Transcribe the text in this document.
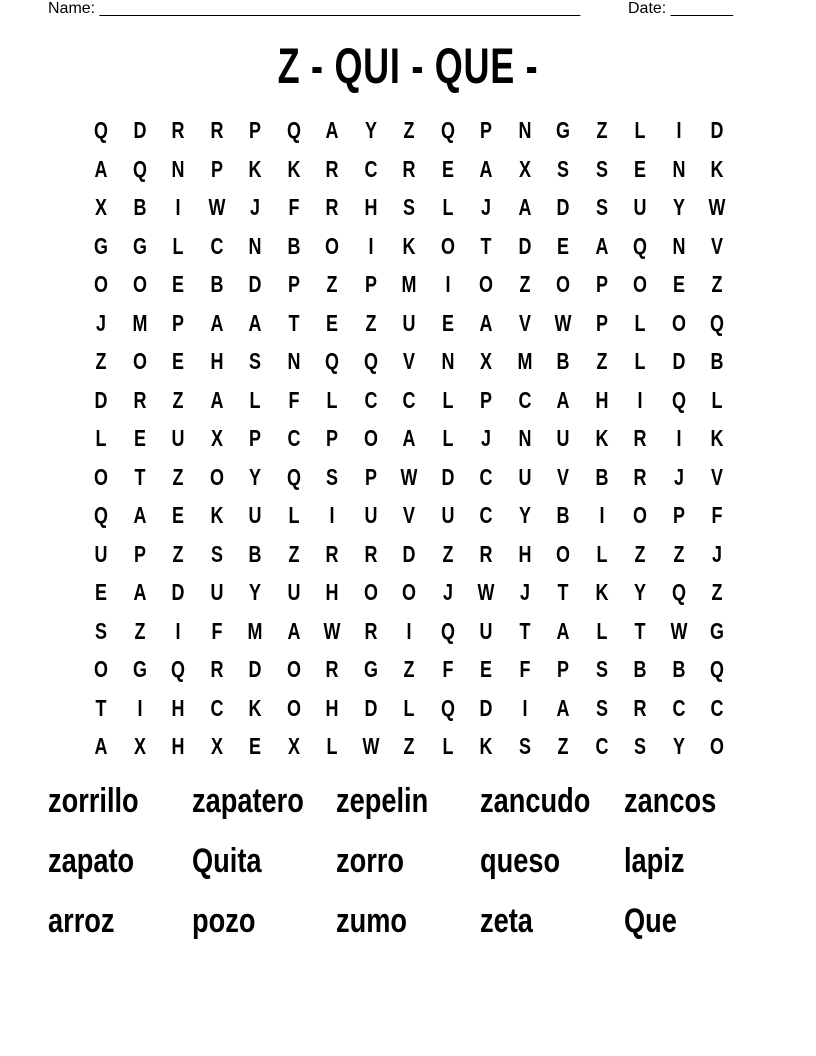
Name: ______________________________________________________	Date: _______
Z - QUI - QUE -
Q	D	R	R	P	Q	A	Y	Z	Q	P	N	G	Z	L	I	D
A	Q	N	P	K	K	R	C	R	E	A	X	S	S	E	N	K
X	B	I	W	J	F	R	H	S	L	J	A	D	S	U	Y	W
G	G	L	C	N	B	O	I	K	O	T	D	E	A	Q	N	V
O	O	E	B	D	P	Z	P	M	I	O	Z	O	P	O	E	Z
J	M	P	A	A	T	E	Z	U	E	A	V	W	P	L	O	Q
Z	O	E	H	S	N	Q	Q	V	N	X	M	B	Z	L	D	B
D	R	Z	A	L	F	L	C	C	L	P	C	A	H	I	Q	L
L	E	U	X	P	C	P	O	A	L	J	N	U	K	R	I	K
O	T	Z	O	Y	Q	S	P	W	D	C	U	V	B	R	J	V
Q	A	E	K	U	L	I	U	V	U	C	Y	B	I	O	P	F
U	P	Z	S	B	Z	R	R	D	Z	R	H	O	L	Z	Z	J
E	A	D	U	Y	U	H	O	O	J	W	J	T	K	Y	Q	Z
S	Z	I	F	M	A	W	R	I	Q	U	T	A	L	T	W	G
O	G	Q	R	D	O	R	G	Z	F	E	F	P	S	B	B	Q
T	I	H	C	K	O	H	D	L	Q	D	I	A	S	R	C	C
A	X	H	X	E	X	L	W	Z	L	K	S	Z	C	S	Y	O
zorrillo zapatero zepelin zancudo zancos
zapato Quita zorro queso lapiz
arroz pozo zumo zeta	Que
